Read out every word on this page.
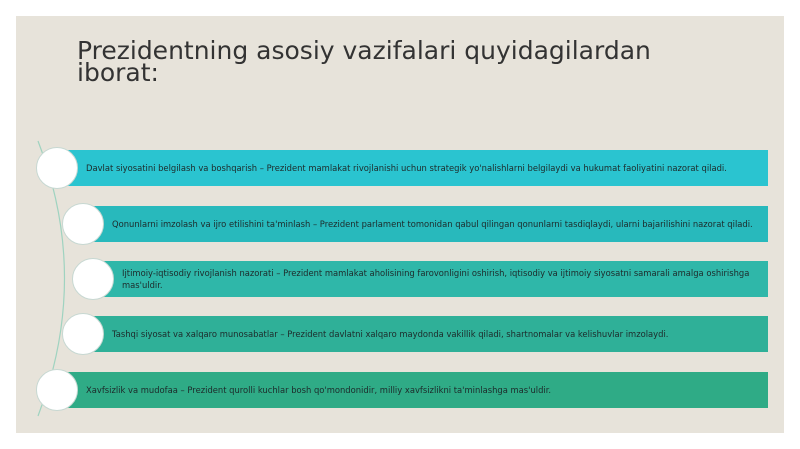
Prezidentning asosiy vazifalari quyidagilardan iborat:
Davlat siyosatini belgilash va boshqarish – Prezident mamlakat rivojlanishi uchun strategik yo'nalishlarni belgilaydi va hukumat faoliyatini nazorat qiladi.
Qonunlarni imzolash va ijro etilishini ta'minlash – Prezident parlament tomonidan qabul qilingan qonunlarni tasdiqlaydi, ularni bajarilishini nazorat qiladi.
Ijtimoiy-iqtisodiy rivojlanish nazorati – Prezident mamlakat aholisining farovonligini oshirish, iqtisodiy va ijtimoiy siyosatni samarali amalga oshirishga mas'uldir.
Tashqi siyosat va xalqaro munosabatlar – Prezident davlatni xalqaro maydonda vakillik qiladi, shartnomalar va kelishuvlar imzolaydi.
Xavfsizlik va mudofaa – Prezident qurolli kuchlar bosh qo'mondonidir, milliy xavfsizlikni ta'minlashga mas'uldir.
